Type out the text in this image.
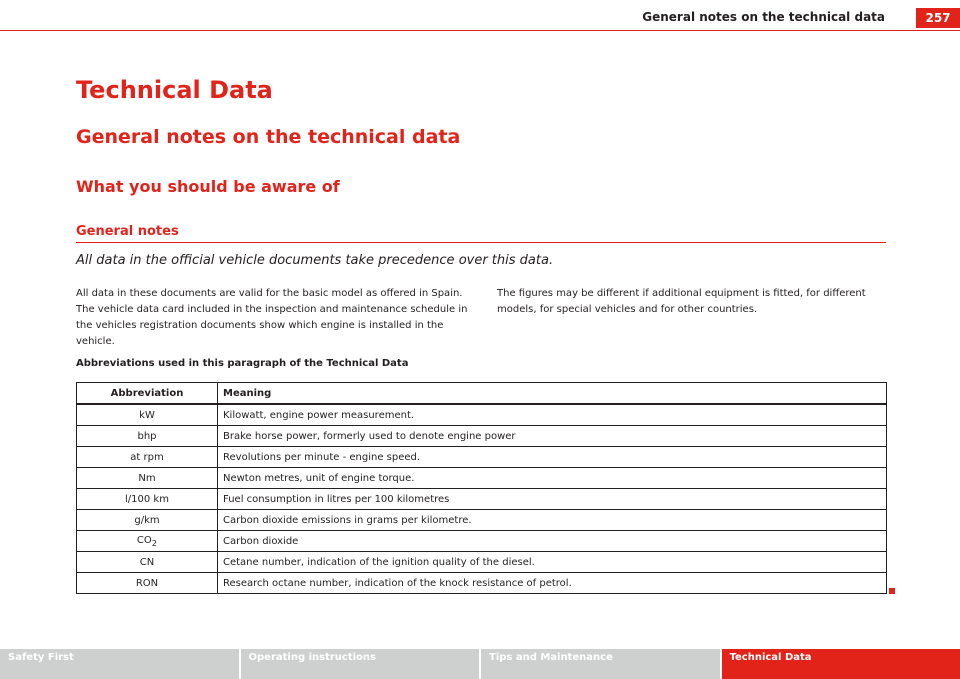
General notes on the technical data	257
Technical Data
General notes on the technical data
What you should be aware of
General notes

All data in the official vehicle documents take precedence over this data.

All data in these documents are valid for the basic model as offered in Spain. The vehicle data card included in the inspection and maintenance schedule in the vehicles registration documents show which engine is installed in the vehicle.

The figures may be different if additional equipment is fitted, for different models, for special vehicles and for other countries.

Abbreviations used in this paragraph of the Technical Data
Abbreviation	Meaning
kW	Kilowatt, engine power measurement.
bhp	Brake horse power, formerly used to denote engine power
at rpm	Revolutions per minute - engine speed.
Nm	Newton metres, unit of engine torque.
l/100 km	Fuel consumption in litres per 100 kilometres
g/km	Carbon dioxide emissions in grams per kilometre.
$CO_2$	Carbon dioxide
CN	Cetane number, indication of the ignition quality of the diesel.
RON	Research octane number, indication of the knock resistance of petrol.
Safety First	Operating instructions	Tips and Maintenance	Technical Data
